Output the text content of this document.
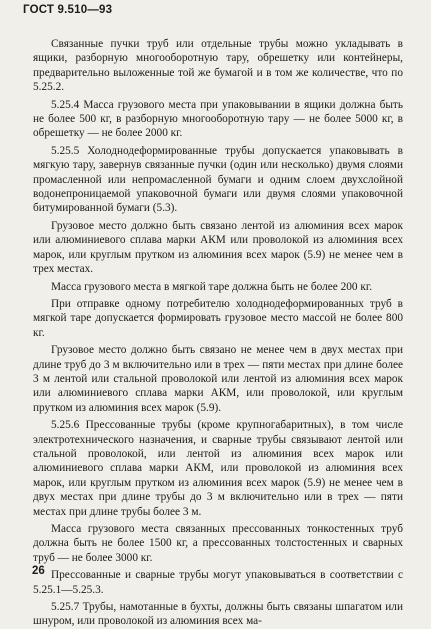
ГОСТ 9.510—93

Связанные пучки труб или отдельные трубы можно укладывать в ящики, разборную многооборотную тару, обрешетку или контейнеры, предварительно выложенные той же бумагой и в том же количестве, что по 5.25.2.

5.25.4 Масса грузового места при упаковывании в ящики должна быть не более 500 кг, в разборную многооборотную тару — не более 5000 кг, в обрешетку — не более 2000 кг.

5.25.5 Холоднодеформированные трубы допускается упаковывать в мягкую тару, завернув связанные пучки (один или несколько) двумя слоями промасленной или непромасленной бумаги и одним слоем двухслойной водонепроницаемой упаковочной бумаги или двумя слоями упаковочной битумированной бумаги (5.3).

Грузовое место должно быть связано лентой из алюминия всех марок или алюминиевого сплава марки АКМ или проволокой из алюминия всех марок, или круглым прутком из алюминия всех марок (5.9) не менее чем в трех местах.

Масса грузового места в мягкой таре должна быть не более 200 кг.

При отправке одному потребителю холоднодеформированных труб в мягкой таре допускается формировать грузовое место массой не более 800 кг.

Грузовое место должно быть связано не менее чем в двух местах при длине труб до 3 м включительно или в трех — пяти местах при длине более 3 м лентой или стальной проволокой или лентой из алюминия всех марок или алюминиевого сплава марки АКМ, или проволокой, или круглым прутком из алюминия всех марок (5.9).

5.25.6 Прессованные трубы (кроме крупногабаритных), в том числе электротехнического назначения, и сварные трубы связывают лентой или стальной проволокой, или лентой из алюминия всех марок или алюминиевого сплава марки АКМ, или проволокой из алюминия всех марок, или круглым прутком из алюминия всех марок (5.9) не менее чем в двух местах при длине трубы до 3 м включительно или в трех — пяти местах при длине трубы более 3 м.

Масса грузового места связанных прессованных тонкостенных труб должна быть не более 1500 кг, а прессованных толстостенных и сварных труб — не более 3000 кг.

Прессованные и сварные трубы могут упаковываться в соответствии с 5.25.1—5.25.3.

5.25.7 Трубы, намотанные в бухты, должны быть связаны шпагатом или шнуром, или проволокой из алюминия всех ма-

26
